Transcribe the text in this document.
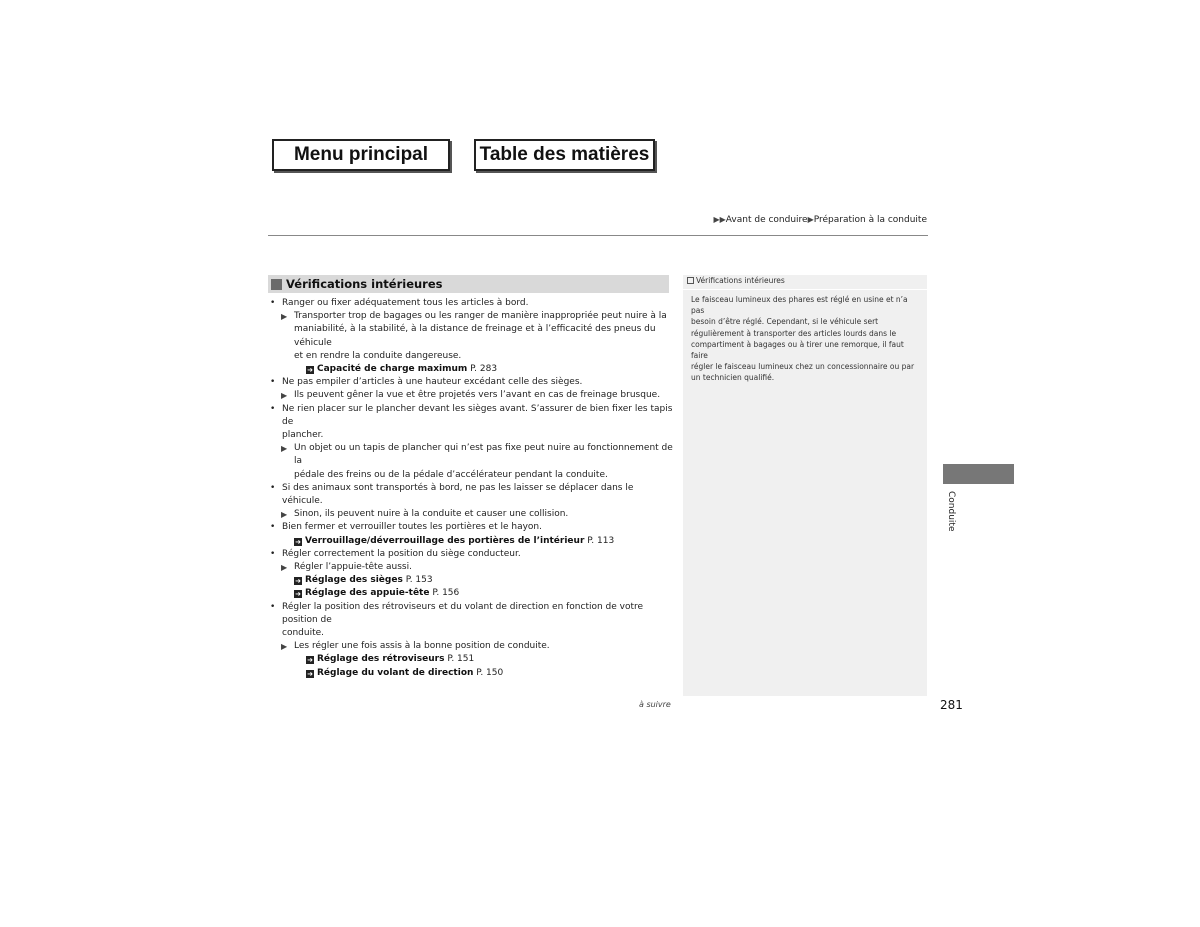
Menu principal	Table des matières
▶▶Avant de conduire▶Préparation à la conduite
Vérifications intérieures
• Ranger ou fixer adéquatement tous les articles à bord.
▶ Transporter trop de bagages ou les ranger de manière inappropriée peut nuire à la
maniabilité, à la stabilité, à la distance de freinage et à l’efficacité des pneus du véhicule
et en rendre la conduite dangereuse.
➜ Capacité de charge maximum P. 283
• Ne pas empiler d’articles à une hauteur excédant celle des sièges.
▶ Ils peuvent gêner la vue et être projetés vers l’avant en cas de freinage brusque.
• Ne rien placer sur le plancher devant les sièges avant. S’assurer de bien fixer les tapis de
plancher.
▶ Un objet ou un tapis de plancher qui n’est pas fixe peut nuire au fonctionnement de la
pédale des freins ou de la pédale d’accélérateur pendant la conduite.
• Si des animaux sont transportés à bord, ne pas les laisser se déplacer dans le véhicule.
▶ Sinon, ils peuvent nuire à la conduite et causer une collision.
• Bien fermer et verrouiller toutes les portières et le hayon.
➜ Verrouillage/déverrouillage des portières de l’intérieur P. 113
• Régler correctement la position du siège conducteur.
▶ Régler l’appuie-tête aussi.
➜ Réglage des sièges P. 153
➜ Réglage des appuie-tête P. 156
• Régler la position des rétroviseurs et du volant de direction en fonction de votre position de
conduite.
▶ Les régler une fois assis à la bonne position de conduite.
➜ Réglage des rétroviseurs P. 151
➜ Réglage du volant de direction P. 150
Vérifications intérieures
Le faisceau lumineux des phares est réglé en usine et n’a pas
besoin d’être réglé. Cependant, si le véhicule sert
régulièrement à transporter des articles lourds dans le
compartiment à bagages ou à tirer une remorque, il faut faire
régler le faisceau lumineux chez un concessionnaire ou par
un technicien qualifié.
Conduite
à suivre	281
